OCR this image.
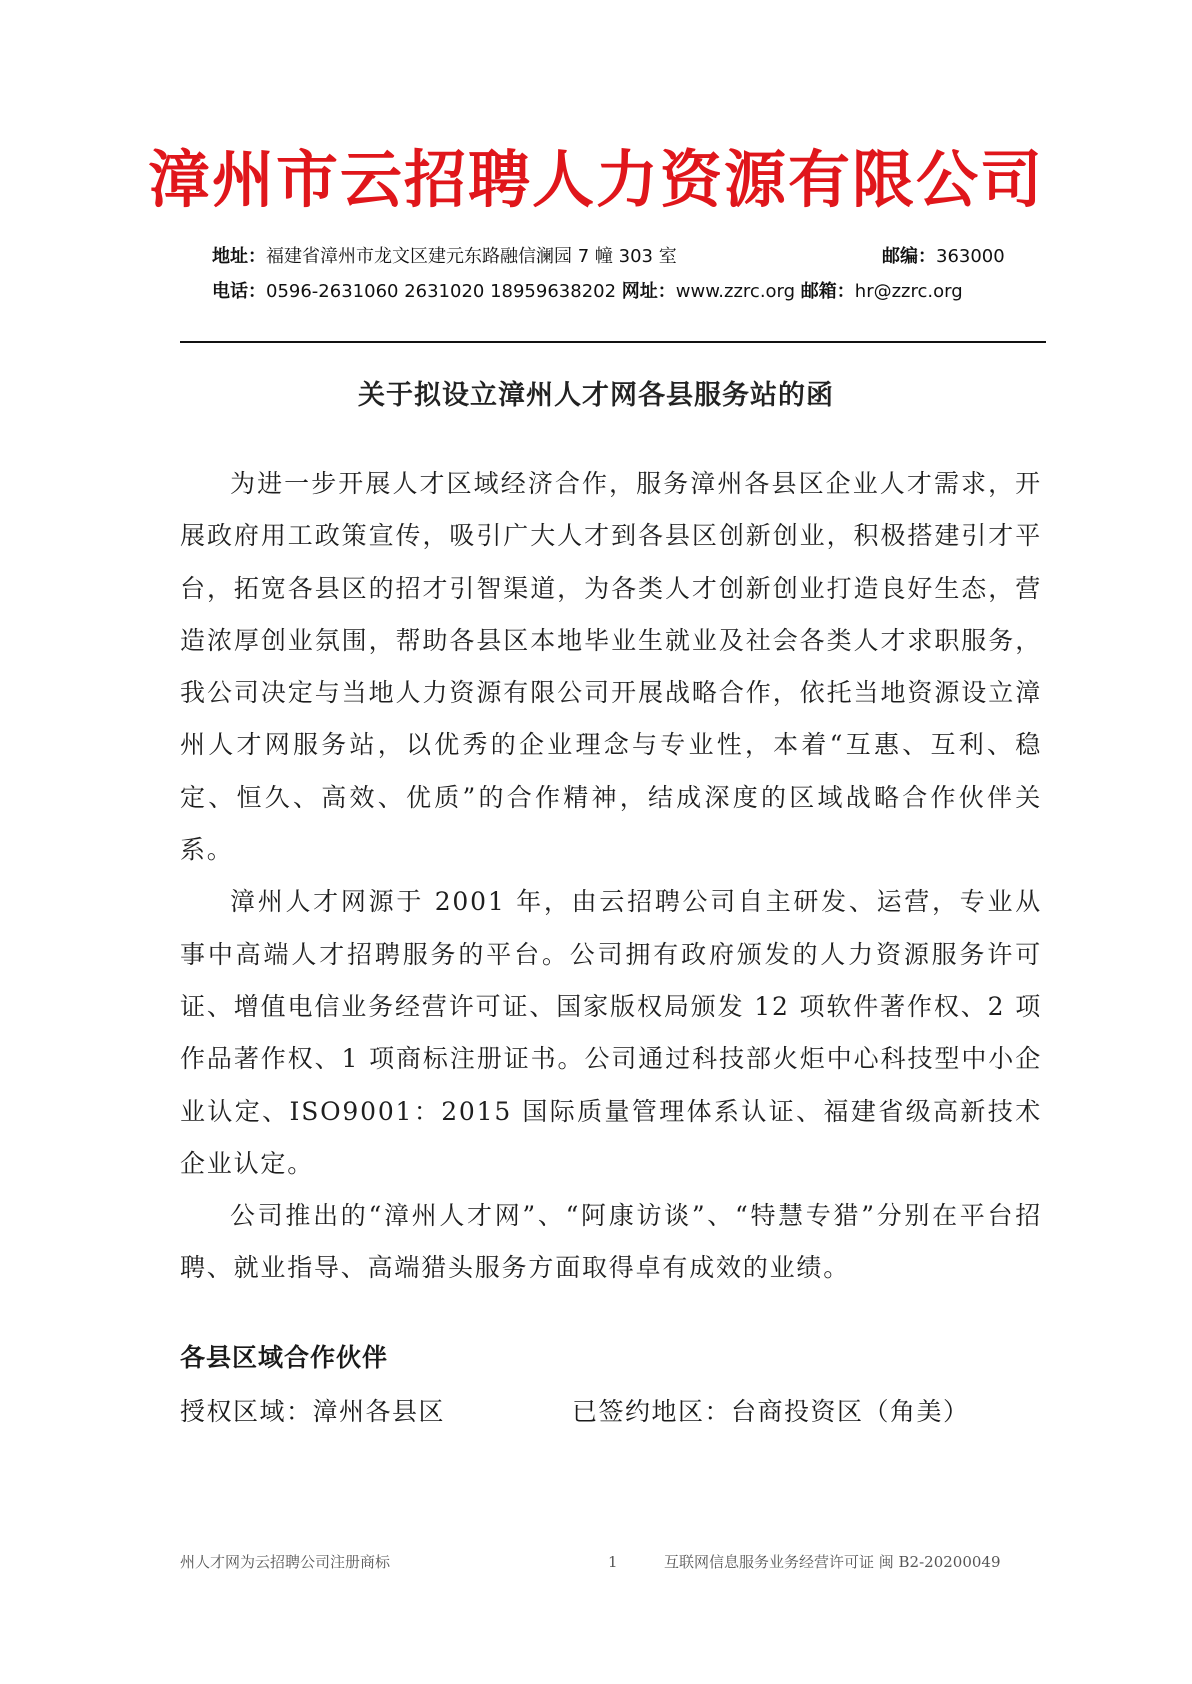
漳州市云招聘人力资源有限公司
地址：福建省漳州市龙文区建元东路融信澜园 7 幢 303 室	邮编：363000
电话：0596-2631060 2631020 18959638202 网址：www.zzrc.org 邮箱：hr@zzrc.org
关于拟设立漳州人才网各县服务站的函

为进一步开展人才区域经济合作，服务漳州各县区企业人才需求，开展政府用工政策宣传，吸引广大人才到各县区创新创业，积极搭建引才平台，拓宽各县区的招才引智渠道，为各类人才创新创业打造良好生态，营造浓厚创业氛围，帮助各县区本地毕业生就业及社会各类人才求职服务，我公司决定与当地人力资源有限公司开展战略合作，依托当地资源设立漳州人才网服务站，以优秀的企业理念与专业性，本着“互惠、互利、稳定、恒久、高效、优质”的合作精神，结成深度的区域战略合作伙伴关系。

漳州人才网源于 2001 年，由云招聘公司自主研发、运营，专业从事中高端人才招聘服务的平台。公司拥有政府颁发的人力资源服务许可证、增值电信业务经营许可证、国家版权局颁发 12 项软件著作权、2 项作品著作权、1 项商标注册证书。公司通过科技部火炬中心科技型中小企业认定、ISO9001：2015 国际质量管理体系认证、福建省级高新技术企业认定。

公司推出的“漳州人才网”、“阿康访谈”、“特慧专猎”分别在平台招聘、就业指导、高端猎头服务方面取得卓有成效的业绩。

各县区域合作伙伴
授权区域：漳州各县区	已签约地区：台商投资区（角美）
州人才网为云招聘公司注册商标	1	互联网信息服务业务经营许可证 闽 B2-20200049
